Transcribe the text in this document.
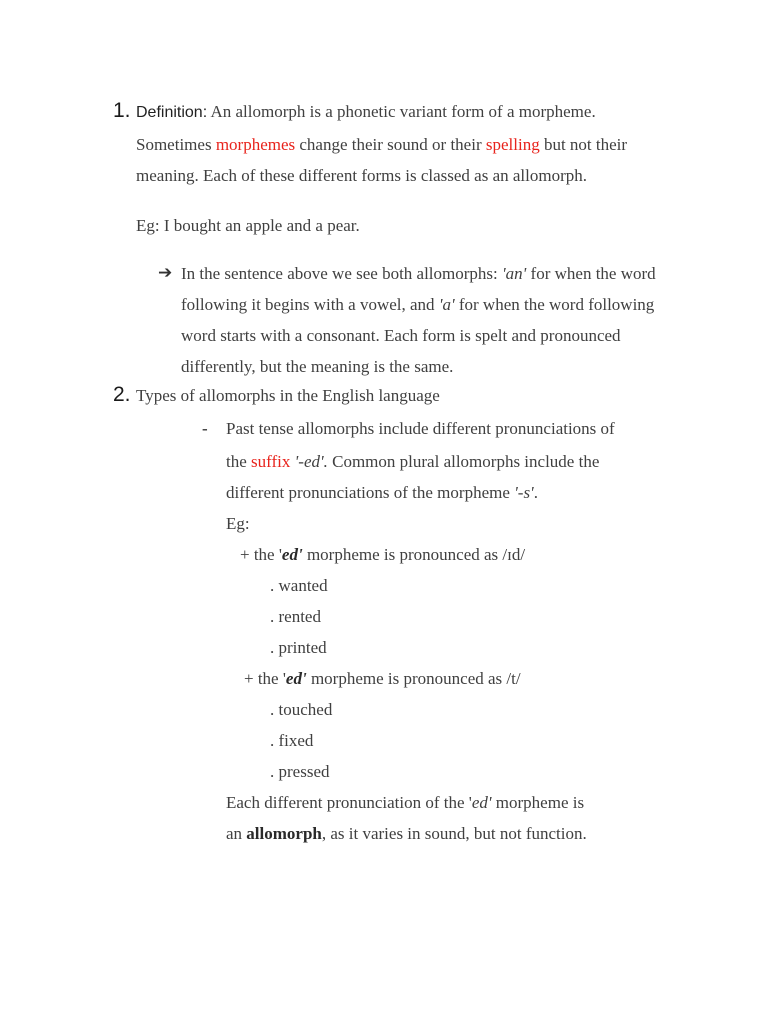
1. Definition: An allomorph is a phonetic variant form of a morpheme.
Sometimes morphemes change their sound or their spelling but not their
meaning. Each of these different forms is classed as an allomorph.
Eg: I bought an apple and a pear.
➔ In the sentence above we see both allomorphs: 'an' for when the word
following it begins with a vowel, and 'a' for when the word following
word starts with a consonant. Each form is spelt and pronounced
differently, but the meaning is the same.
2. Types of allomorphs in the English language
- Past tense allomorphs include different pronunciations of
the suffix '-ed'. Common plural allomorphs include the
different pronunciations of the morpheme '-s'.
Eg:
+ the 'ed' morpheme is pronounced as /ɪd/
. wanted
. rented
. printed
+ the 'ed' morpheme is pronounced as /t/
. touched
. fixed
. pressed
Each different pronunciation of the 'ed' morpheme is
an allomorph, as it varies in sound, but not function.
